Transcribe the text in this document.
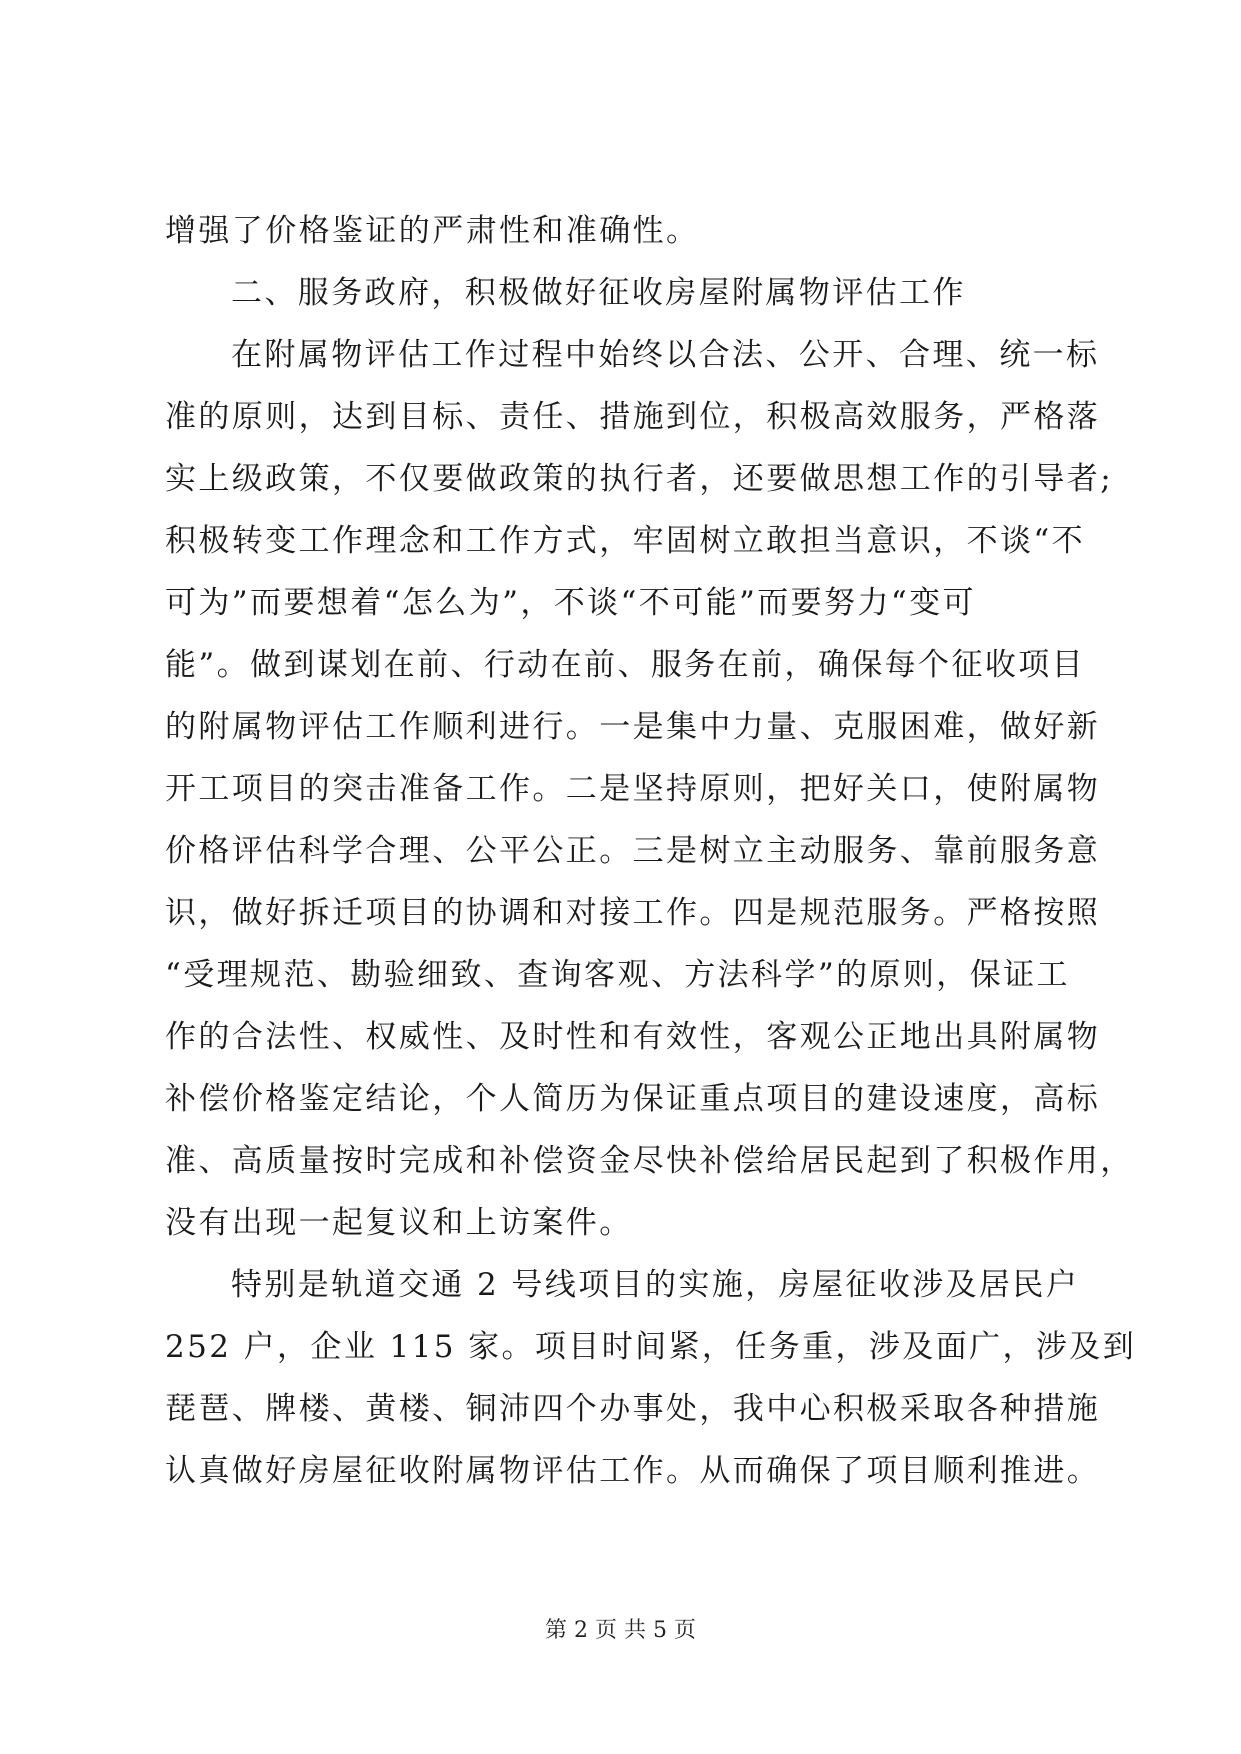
增强了价格鉴证的严肃性和准确性。
二、服务政府，积极做好征收房屋附属物评估工作
在附属物评估工作过程中始终以合法、公开、合理、统一标
准的原则，达到目标、责任、措施到位，积极高效服务，严格落
实上级政策，不仅要做政策的执行者，还要做思想工作的引导者;
积极转变工作理念和工作方式，牢固树立敢担当意识，不谈“不
可为”而要想着“怎么为”，不谈“不可能”而要努力“变可
能”。做到谋划在前、行动在前、服务在前，确保每个征收项目
的附属物评估工作顺利进行。一是集中力量、克服困难，做好新
开工项目的突击准备工作。二是坚持原则，把好关口，使附属物
价格评估科学合理、公平公正。三是树立主动服务、靠前服务意
识，做好拆迁项目的协调和对接工作。四是规范服务。严格按照
“受理规范、勘验细致、查询客观、方法科学”的原则，保证工
作的合法性、权威性、及时性和有效性，客观公正地出具附属物
补偿价格鉴定结论，个人简历为保证重点项目的建设速度，高标
准、高质量按时完成和补偿资金尽快补偿给居民起到了积极作用，
没有出现一起复议和上访案件。
特别是轨道交通 2 号线项目的实施，房屋征收涉及居民户
252 户，企业 115 家。项目时间紧，任务重，涉及面广，涉及到
琵琶、牌楼、黄楼、铜沛四个办事处，我中心积极采取各种措施
认真做好房屋征收附属物评估工作。从而确保了项目顺利推进。
第 2 页 共 5 页
